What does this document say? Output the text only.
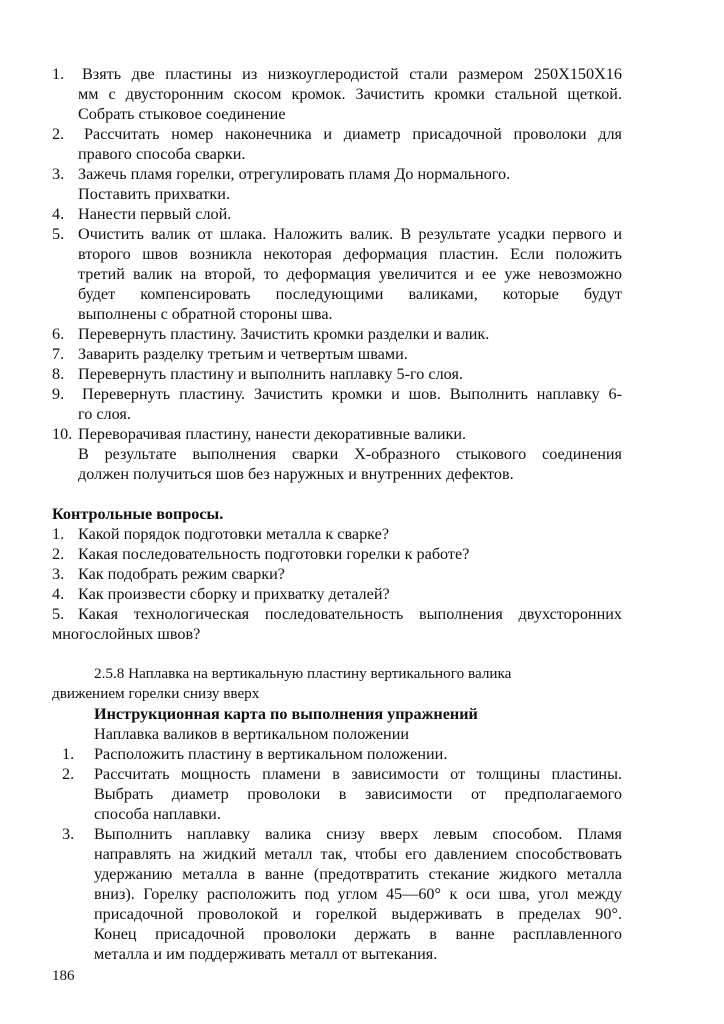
1. Взять две пластины из низкоуглеродистой стали размером 250Х150Х16
мм с двусторонним скосом кромок. Зачистить кромки стальной щеткой.
Собрать стыковое соединение
2. Рассчитать номер наконечника и диаметр присадочной проволоки для
правого способа сварки.
3. Зажечь пламя горелки, отрегулировать пламя До нормального.
Поставить прихватки.
4. Нанести первый слой.
5. Очистить валик от шлака. Наложить валик. В результате усадки первого и
второго швов возникла некоторая деформация пластин. Если положить
третий валик на второй, то деформация увеличится и ее уже невозможно
будет компенсировать последующими валиками, которые будут
выполнены с обратной стороны шва.
6. Перевернуть пластину. Зачистить кромки разделки и валик.
7. Заварить разделку третьим и четвертым швами.
8. Перевернуть пластину и выполнить наплавку 5-го слоя.
9. Перевернуть пластину. Зачистить кромки и шов. Выполнить наплавку 6-
го слоя.
10. Переворачивая пластину, нанести декоративные валики.
В результате выполнения сварки Х-образного стыкового соединения
должен получиться шов без наружных и внутренних дефектов.
Контрольные вопросы.
1. Какой порядок подготовки металла к сварке?
2. Какая последовательность подготовки горелки к работе?
3. Как подобрать режим сварки?
4. Как произвести сборку и прихватку деталей?
5. Какая технологическая последовательность выполнения двухсторонних
многослойных швов?
2.5.8 Наплавка на вертикальную пластину вертикального валика
движением горелки снизу вверх
Инструкционная карта по выполнения упражнений
Наплавка валиков в вертикальном положении
1. Расположить пластину в вертикальном положении.
2. Рассчитать мощность пламени в зависимости от толщины пластины.
Выбрать диаметр проволоки в зависимости от предполагаемого
способа наплавки.
3. Выполнить наплавку валика снизу вверх левым способом. Пламя
направлять на жидкий металл так, чтобы его давлением способствовать
удержанию металла в ванне (предотвратить стекание жидкого металла
вниз). Горелку расположить под углом 45—60° к оси шва, угол между
присадочной проволокой и горелкой выдерживать в пределах 90°.
Конец присадочной проволоки держать в ванне расплавленного
металла и им поддерживать металл от вытекания.
186
